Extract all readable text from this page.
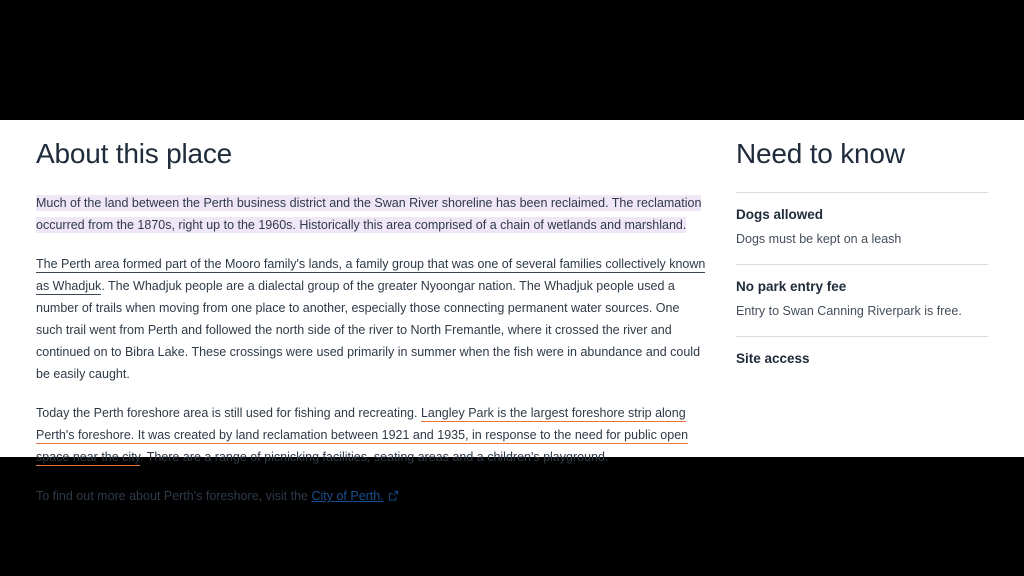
About this place

Much of the land between the Perth business district and the Swan River shoreline has been reclaimed. The reclamation occurred from the 1870s, right up to the 1960s. Historically this area comprised of a chain of wetlands and marshland.

The Perth area formed part of the Mooro family's lands, a family group that was one of several families collectively known as Whadjuk. The Whadjuk people are a dialectal group of the greater Nyoongar nation. The Whadjuk people used a number of trails when moving from one place to another, especially those connecting permanent water sources. One such trail went from Perth and followed the north side of the river to North Fremantle, where it crossed the river and continued on to Bibra Lake. These crossings were used primarily in summer when the fish were in abundance and could be easily caught.

Today the Perth foreshore area is still used for fishing and recreating. Langley Park is the largest foreshore strip along Perth's foreshore. It was created by land reclamation between 1921 and 1935, in response to the need for public open space near the city. There are a range of picnicking facilities, seating areas and a children's playground.

To find out more about Perth's foreshore, visit the City of Perth.

Need to know
Dogs allowed

Dogs must be kept on a leash

No park entry fee

Entry to Swan Canning Riverpark is free.

Site access
